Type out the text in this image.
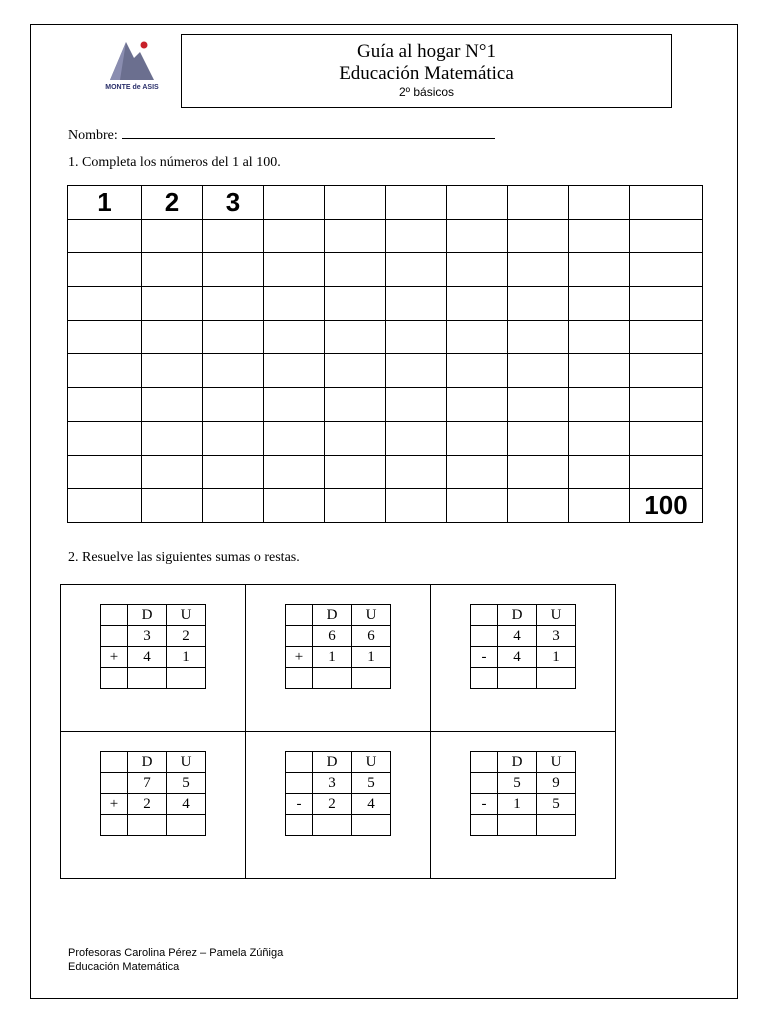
MONTE de ASIS
Guía al hogar N°1
Educación Matemática
2º básicos
Nombre:
1. Completa los números del 1 al 100.
1	2	3							

									100
2. Resuelve las siguientes sumas o restas.
	D	U
	3	2
+	4	1

	D	U
	6	6
+	1	1

	D	U
	4	3
-	4	1

	D	U
	7	5
+	2	4

	D	U
	3	5
-	2	4

	D	U
	5	9
-	1	5

Profesoras Carolina Pérez – Pamela Zúñiga
Educación Matemática
